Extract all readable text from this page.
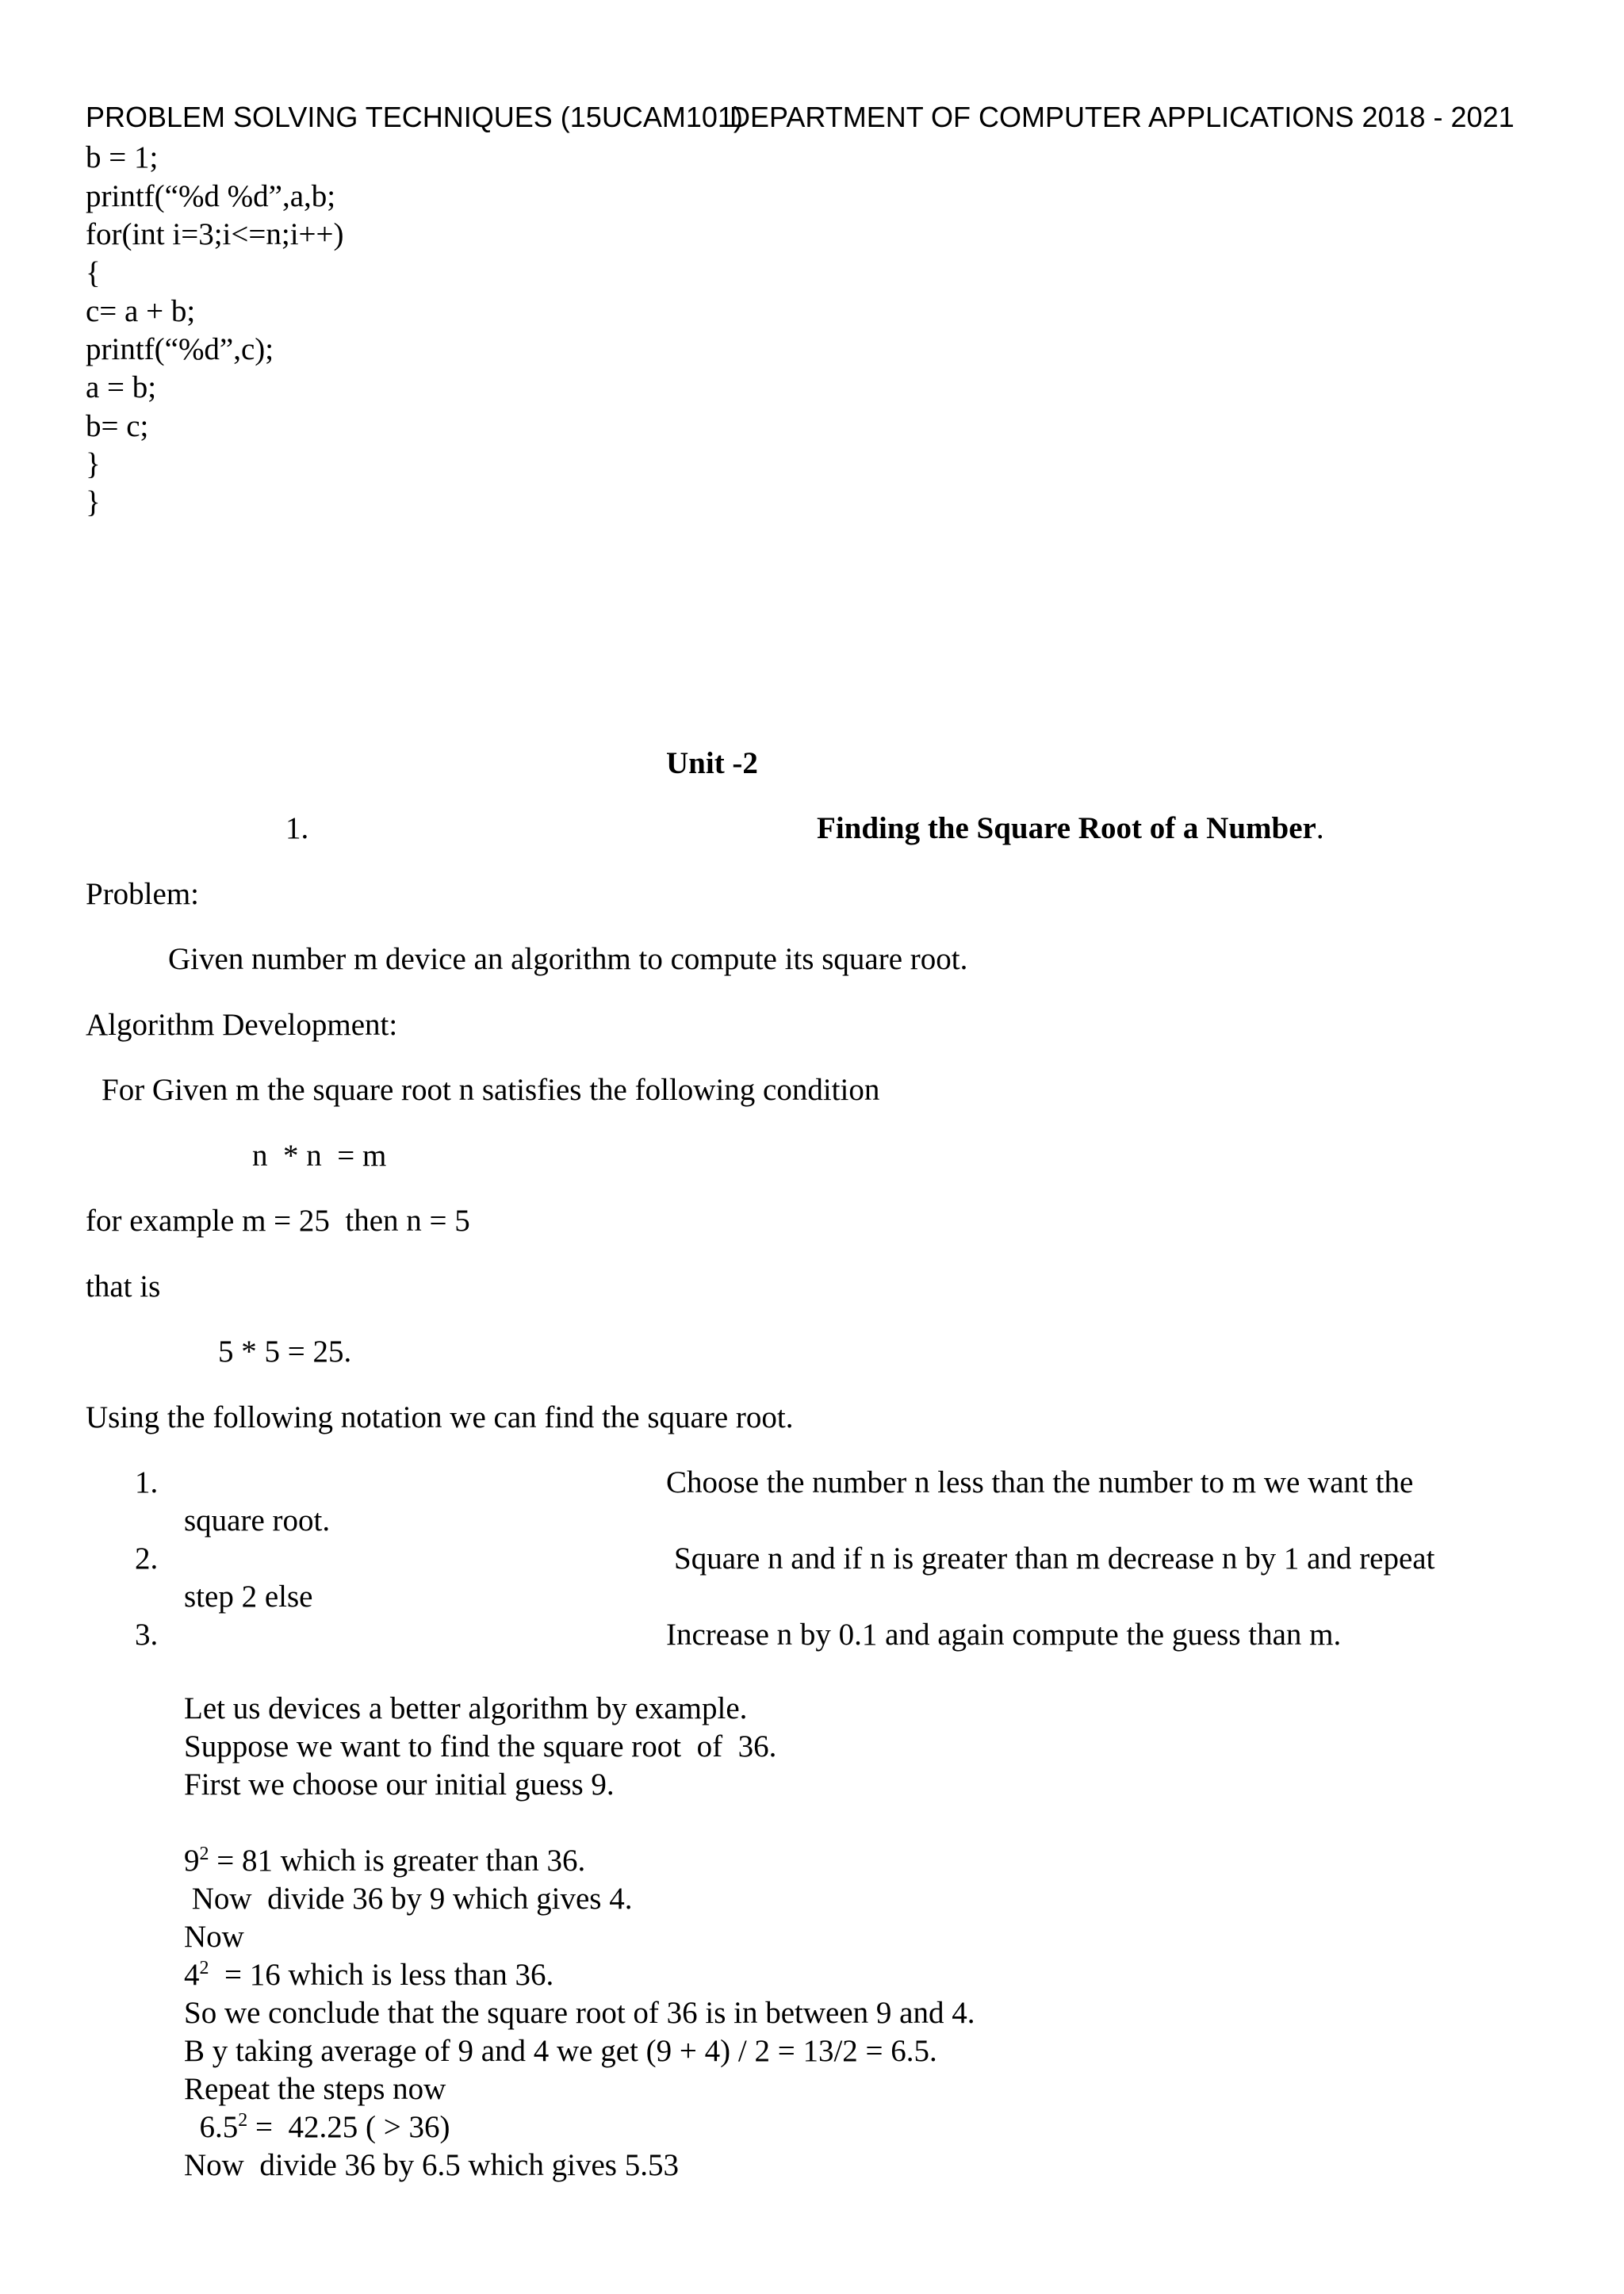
PROBLEM SOLVING TECHNIQUES (15UCAM101)
DEPARTMENT OF COMPUTER APPLICATIONS 2018 - 2021
b = 1;
printf(“%d %d”,a,b;
for(int i=3;i<=n;i++)
{
c= a + b;
printf(“%d”,c);
a = b;
b= c;
}
}
Unit -2
1.	Finding the Square Root of a Number.
Problem:
Given number m device an algorithm to compute its square root.
Algorithm Development:
For Given m the square root n satisfies the following condition
n  * n  = m
for example m = 25  then n = 5
that is
5 * 5 = 25.
Using the following notation we can find the square root.
1.	Choose the number n less than the number to m we want the
square root.
2.	Square n and if n is greater than m decrease n by 1 and repeat
step 2 else
3.	Increase n by 0.1 and again compute the guess than m.
Let us devices a better algorithm by example.
Suppose we want to find the square root  of  36.
First we choose our initial guess 9.
$9^2 = 81$ which is greater than 36.
Now  divide 36 by 9 which gives 4.
Now
$4^2 = 16$ which is less than 36.
So we conclude that the square root of 36 is in between 9 and 4.
B y taking average of 9 and 4 we get (9 + 4) / 2 = 13/2 = 6.5.
Repeat the steps now
$6.5^2 = 42.25$ ( > 36)
Now  divide 36 by 6.5 which gives 5.53
